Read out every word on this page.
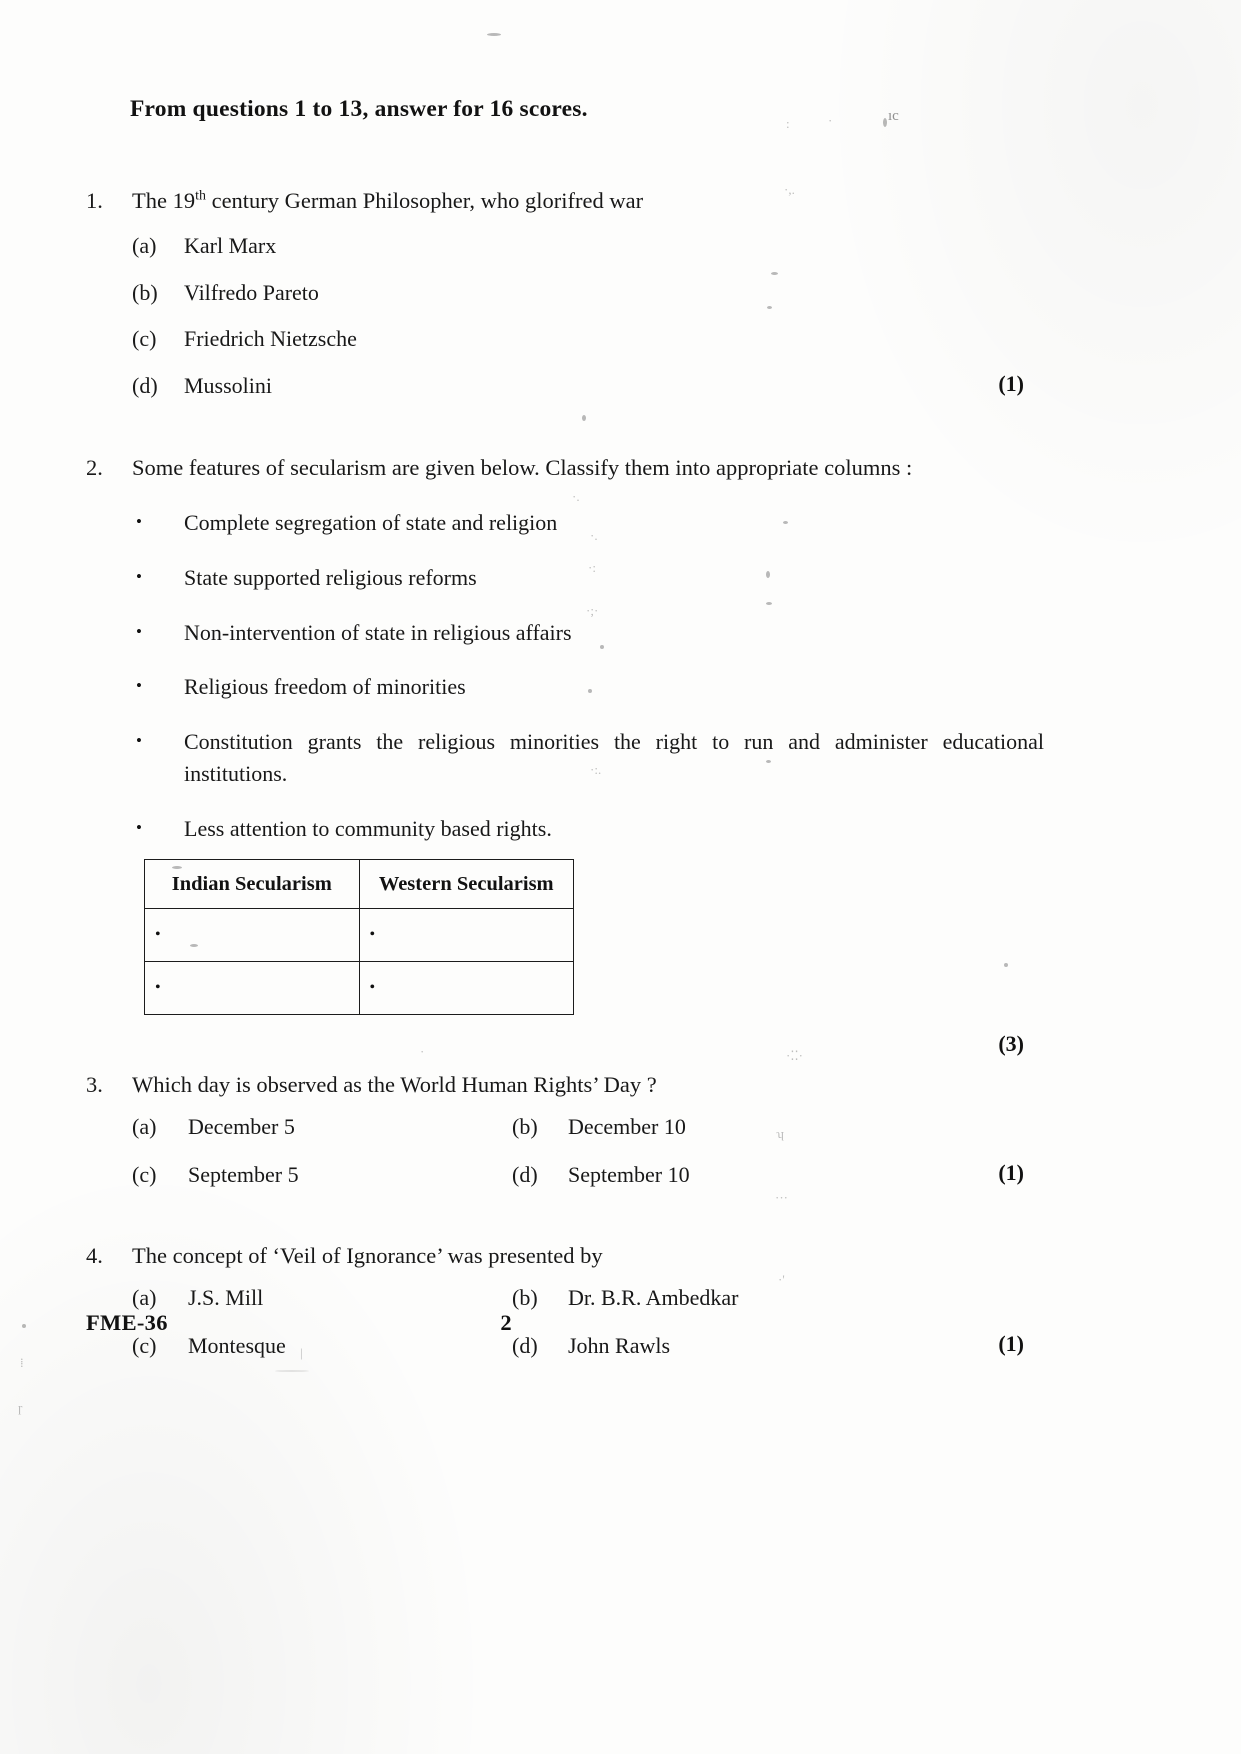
ıc
:	·
·,.
·.
·.
·:
·;·
·:.
·	·⁚⁚·
ʮ
···
·'
⁞
ɼ
|
From questions 1 to 13, answer for 16 scores.
1.	The 19th century German Philosopher, who glorifred war
(a)	Karl Marx
(b)	Vilfredo Pareto
(c)	Friedrich Nietzsche
(d)	Mussolini	(1)
2.	Some features of secularism are given below. Classify them into appropriate columns :
•	Complete segregation of state and religion
•	State supported religious reforms
•	Non-intervention of state in religious affairs
•	Religious freedom of minorities
•	Constitution grants the religious minorities the right to run and administer educational institutions.
•	Less attention to community based rights.
Indian Secularism	Western Secularism
•	•
•	•
(3)
3.	Which day is observed as the World Human Rights’ Day ?
(a)	December 5	(b)	December 10
(c)	September 5	(d)	September 10	(1)
4.	The concept of ‘Veil of Ignorance’ was presented by
(a)	J.S. Mill	(b)	Dr. B.R. Ambedkar
(c)	Montesque	(d)	John Rawls	(1)
FME-36	2
